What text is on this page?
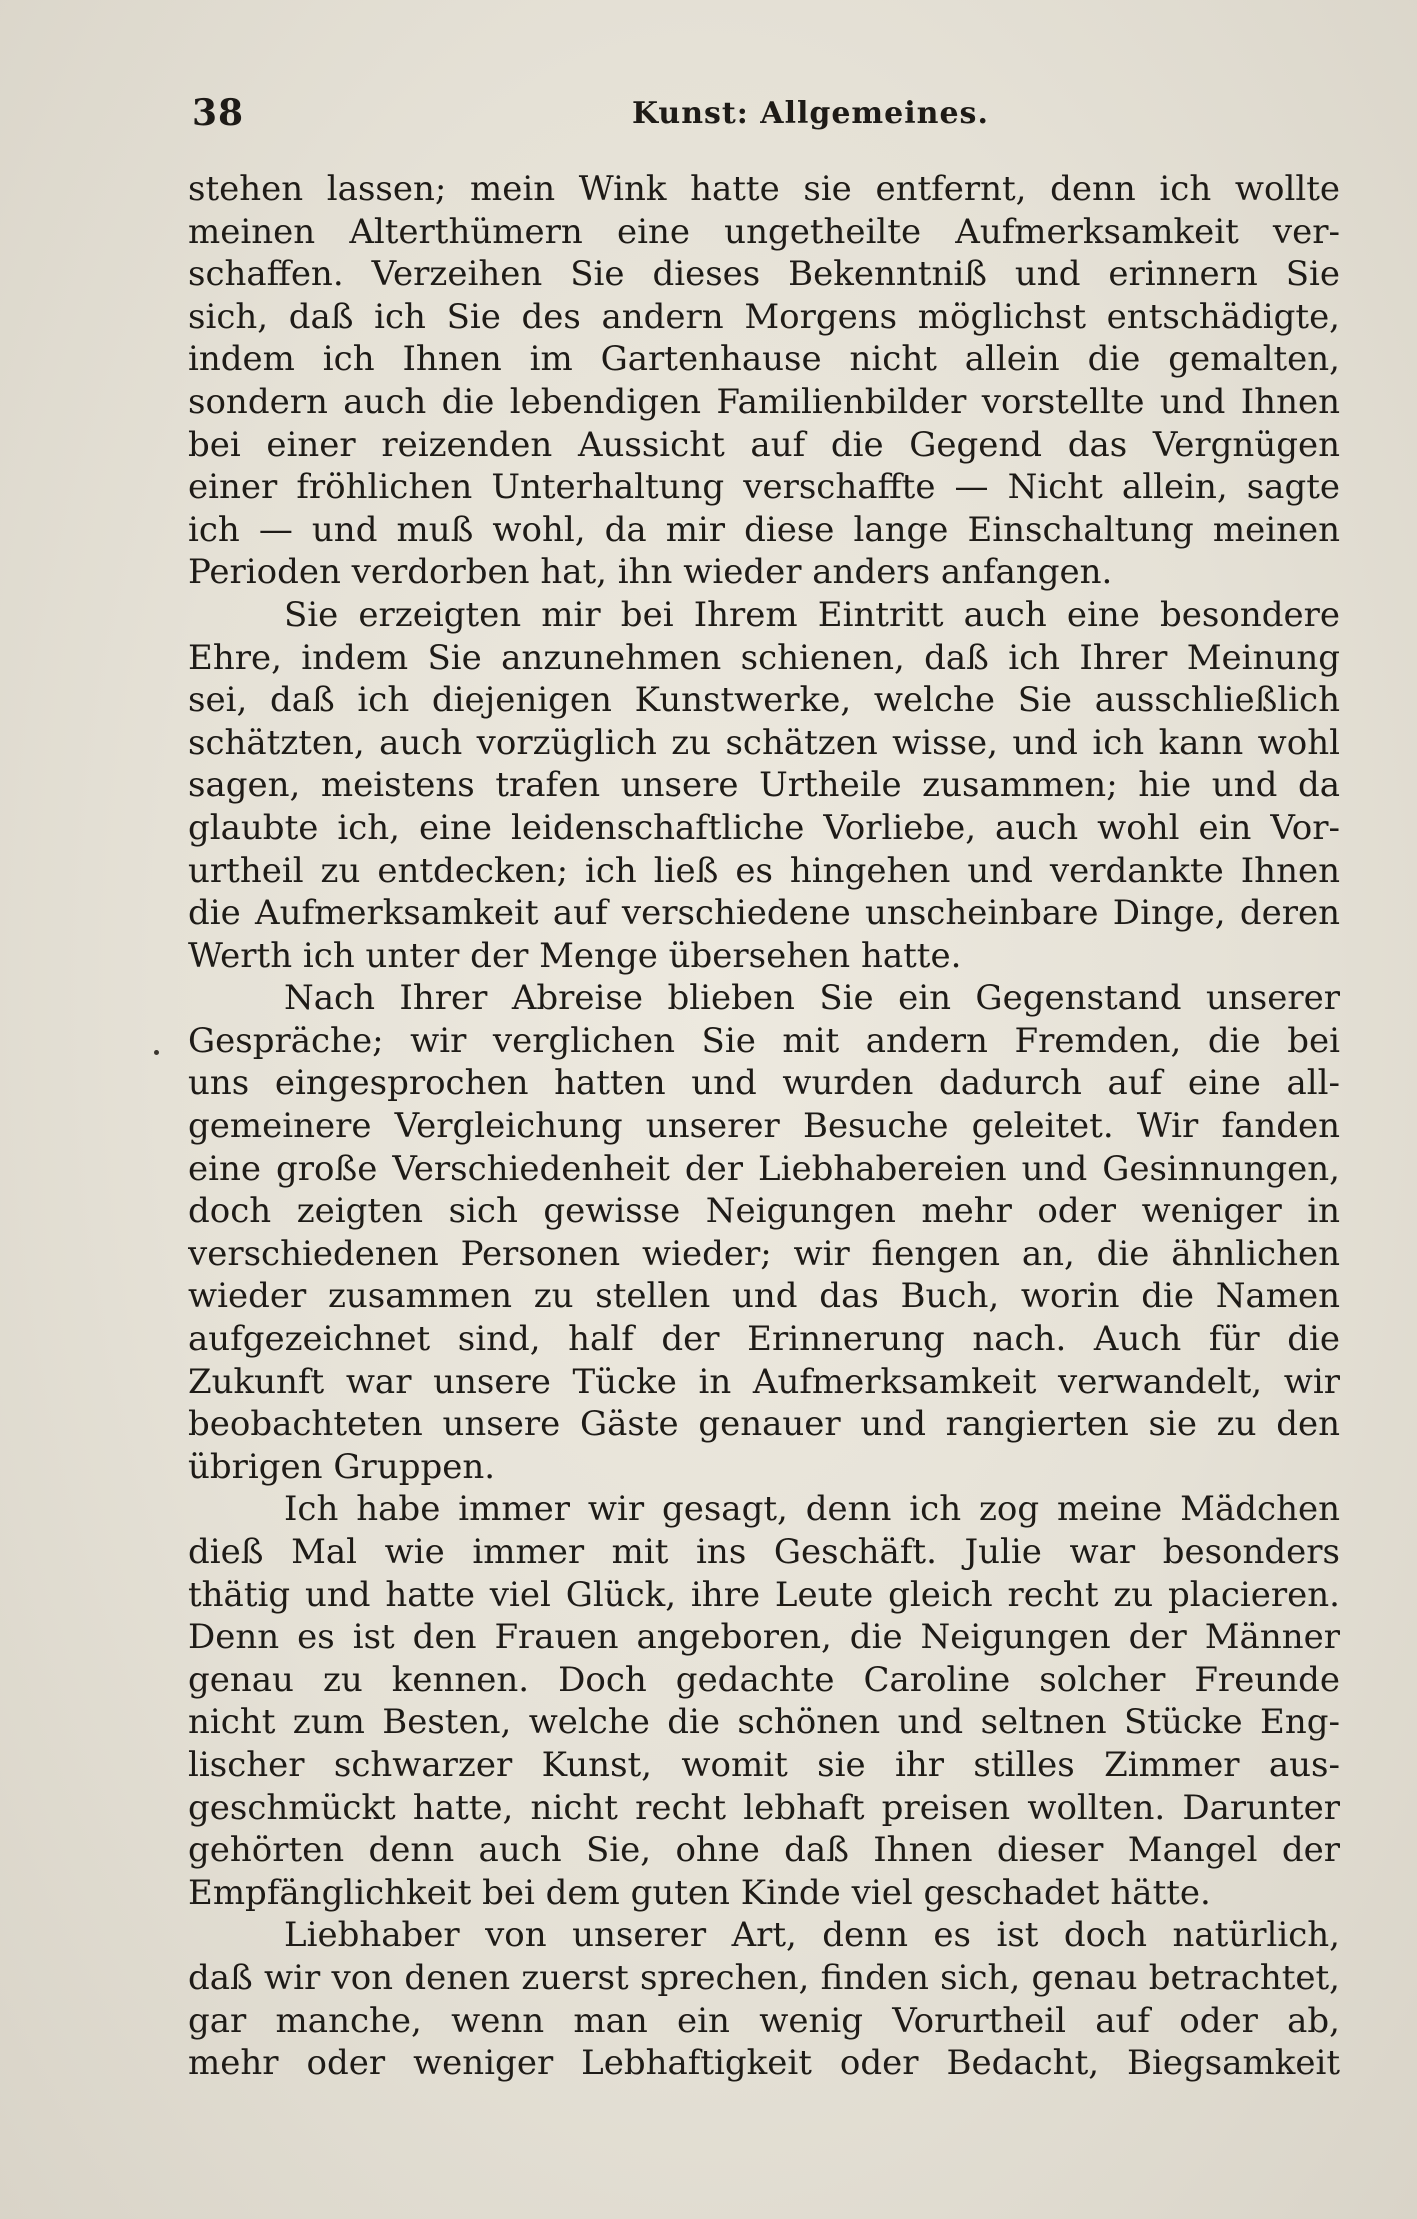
38	Kunst: Allgemeines.
stehen lassen; mein Wink hatte sie entfernt, denn ich wollte
meinen Alterthümern eine ungetheilte Aufmerksamkeit ver-
schaffen. Verzeihen Sie dieses Bekenntniß und erinnern Sie
sich, daß ich Sie des andern Morgens möglichst entschädigte,
indem ich Ihnen im Gartenhause nicht allein die gemalten,
sondern auch die lebendigen Familienbilder vorstellte und Ihnen
bei einer reizenden Aussicht auf die Gegend das Vergnügen
einer fröhlichen Unterhaltung verschaffte — Nicht allein, sagte
ich — und muß wohl, da mir diese lange Einschaltung meinen
Perioden verdorben hat, ihn wieder anders anfangen.
Sie erzeigten mir bei Ihrem Eintritt auch eine besondere
Ehre, indem Sie anzunehmen schienen, daß ich Ihrer Meinung
sei, daß ich diejenigen Kunstwerke, welche Sie ausschließlich
schätzten, auch vorzüglich zu schätzen wisse, und ich kann wohl
sagen, meistens trafen unsere Urtheile zusammen; hie und da
glaubte ich, eine leidenschaftliche Vorliebe, auch wohl ein Vor-
urtheil zu entdecken; ich ließ es hingehen und verdankte Ihnen
die Aufmerksamkeit auf verschiedene unscheinbare Dinge, deren
Werth ich unter der Menge übersehen hatte.
Nach Ihrer Abreise blieben Sie ein Gegenstand unserer
Gespräche; wir verglichen Sie mit andern Fremden, die bei
uns eingesprochen hatten und wurden dadurch auf eine all-
gemeinere Vergleichung unserer Besuche geleitet. Wir fanden
eine große Verschiedenheit der Liebhabereien und Gesinnungen,
doch zeigten sich gewisse Neigungen mehr oder weniger in
verschiedenen Personen wieder; wir fiengen an, die ähnlichen
wieder zusammen zu stellen und das Buch, worin die Namen
aufgezeichnet sind, half der Erinnerung nach. Auch für die
Zukunft war unsere Tücke in Aufmerksamkeit verwandelt, wir
beobachteten unsere Gäste genauer und rangierten sie zu den
übrigen Gruppen.
Ich habe immer wir gesagt, denn ich zog meine Mädchen
dieß Mal wie immer mit ins Geschäft. Julie war besonders
thätig und hatte viel Glück, ihre Leute gleich recht zu placieren.
Denn es ist den Frauen angeboren, die Neigungen der Männer
genau zu kennen. Doch gedachte Caroline solcher Freunde
nicht zum Besten, welche die schönen und seltnen Stücke Eng-
lischer schwarzer Kunst, womit sie ihr stilles Zimmer aus-
geschmückt hatte, nicht recht lebhaft preisen wollten. Darunter
gehörten denn auch Sie, ohne daß Ihnen dieser Mangel der
Empfänglichkeit bei dem guten Kinde viel geschadet hätte.
Liebhaber von unserer Art, denn es ist doch natürlich,
daß wir von denen zuerst sprechen, finden sich, genau betrachtet,
gar manche, wenn man ein wenig Vorurtheil auf oder ab,
mehr oder weniger Lebhaftigkeit oder Bedacht, Biegsamkeit
